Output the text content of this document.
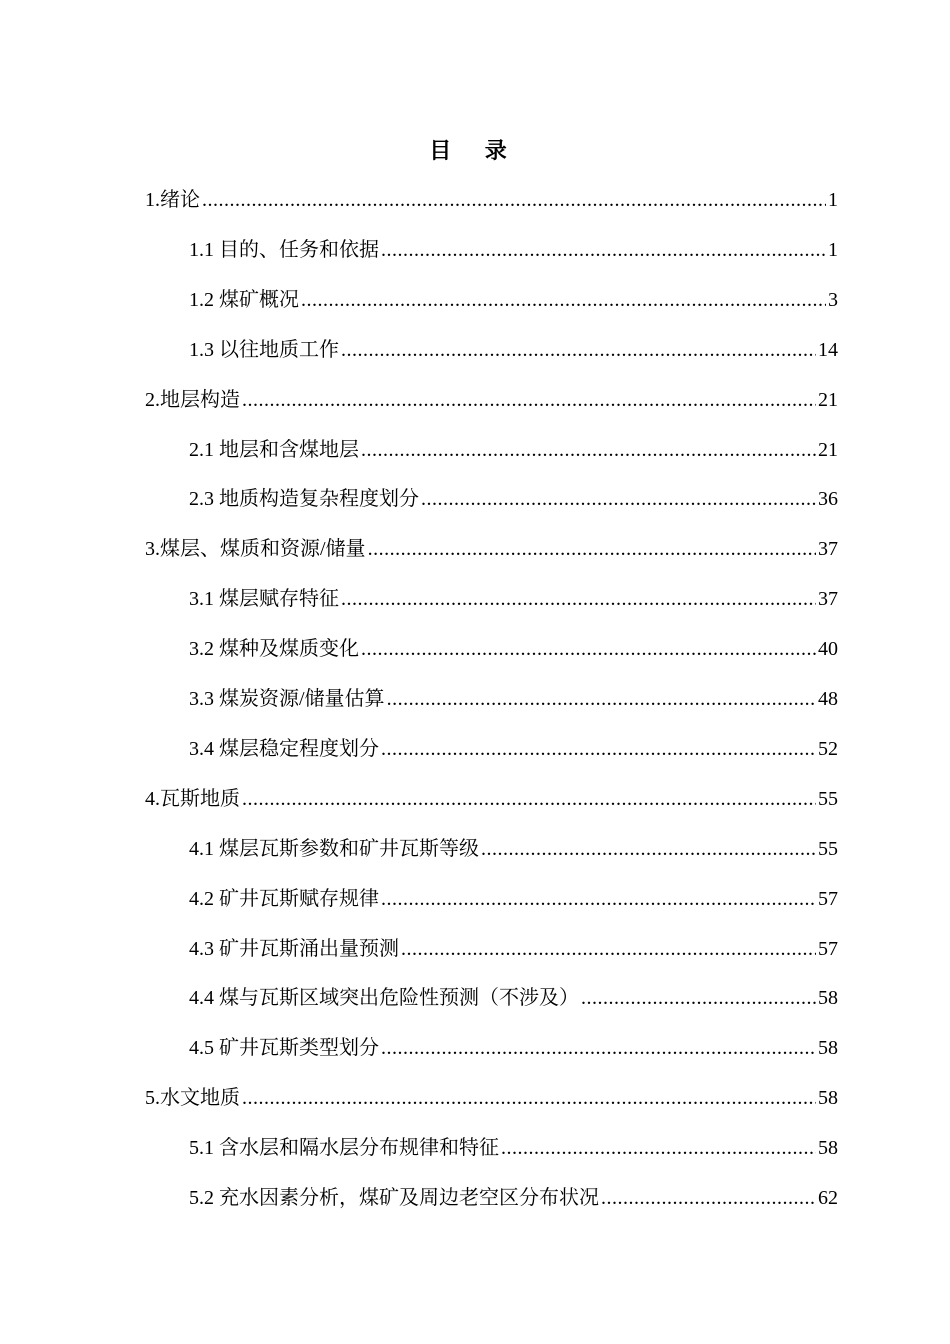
目 录
1.绪论 .....	1
1.1 目的、任务和依据 .....	1
1.2 煤矿概况 .....	3
1.3 以往地质工作 .....	14
2.地层构造 .....	21
2.1 地层和含煤地层 .....	21
2.3 地质构造复杂程度划分 .....	36
3.煤层、煤质和资源/储量 .....	37
3.1 煤层赋存特征 .....	37
3.2 煤种及煤质变化 .....	40
3.3 煤炭资源/储量估算 .....	48
3.4 煤层稳定程度划分 .....	52
4.瓦斯地质 .....	55
4.1 煤层瓦斯参数和矿井瓦斯等级 .....	55
4.2 矿井瓦斯赋存规律 .....	57
4.3 矿井瓦斯涌出量预测 .....	57
4.4 煤与瓦斯区域突出危险性预测（不涉及） .....	58
4.5 矿井瓦斯类型划分 .....	58
5.水文地质 .....	58
5.1 含水层和隔水层分布规律和特征 .....	58
5.2 充水因素分析，煤矿及周边老空区分布状况 .....	62
